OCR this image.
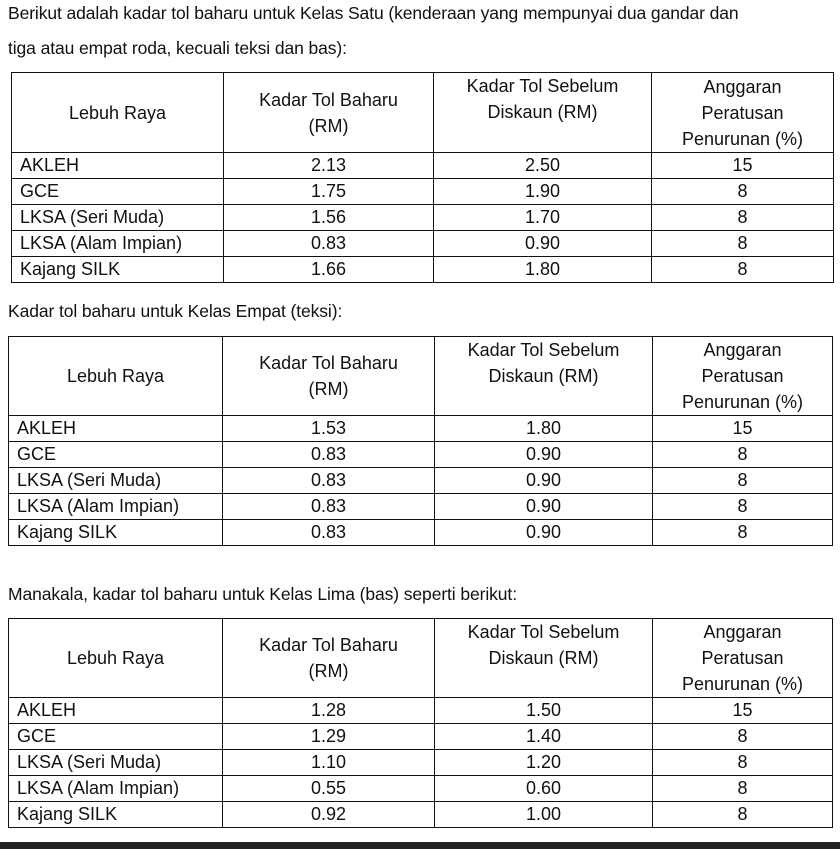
Berikut adalah kadar tol baharu untuk Kelas Satu (kenderaan yang mempunyai dua gandar dan

tiga atau empat roda, kecuali teksi dan bas):

Lebuh Raya	Kadar Tol Baharu (RM)	Kadar Tol Sebelum Diskaun (RM)	Anggaran Peratusan Penurunan (%)

AKLEH	2.13	2.50	15
GCE	1.75	1.90	8
LKSA (Seri Muda)	1.56	1.70	8
LKSA (Alam Impian)	0.83	0.90	8
Kajang SILK	1.66	1.80	8

Kadar tol baharu untuk Kelas Empat (teksi):

Lebuh Raya	Kadar Tol Baharu (RM)	Kadar Tol Sebelum Diskaun (RM)	Anggaran Peratusan Penurunan (%)

AKLEH	1.53	1.80	15
GCE	0.83	0.90	8
LKSA (Seri Muda)	0.83	0.90	8
LKSA (Alam Impian)	0.83	0.90	8
Kajang SILK	0.83	0.90	8

Manakala, kadar tol baharu untuk Kelas Lima (bas) seperti berikut:

Lebuh Raya	Kadar Tol Baharu (RM)	Kadar Tol Sebelum Diskaun (RM)	Anggaran Peratusan Penurunan (%)

AKLEH	1.28	1.50	15
GCE	1.29	1.40	8
LKSA (Seri Muda)	1.10	1.20	8
LKSA (Alam Impian)	0.55	0.60	8
Kajang SILK	0.92	1.00	8
